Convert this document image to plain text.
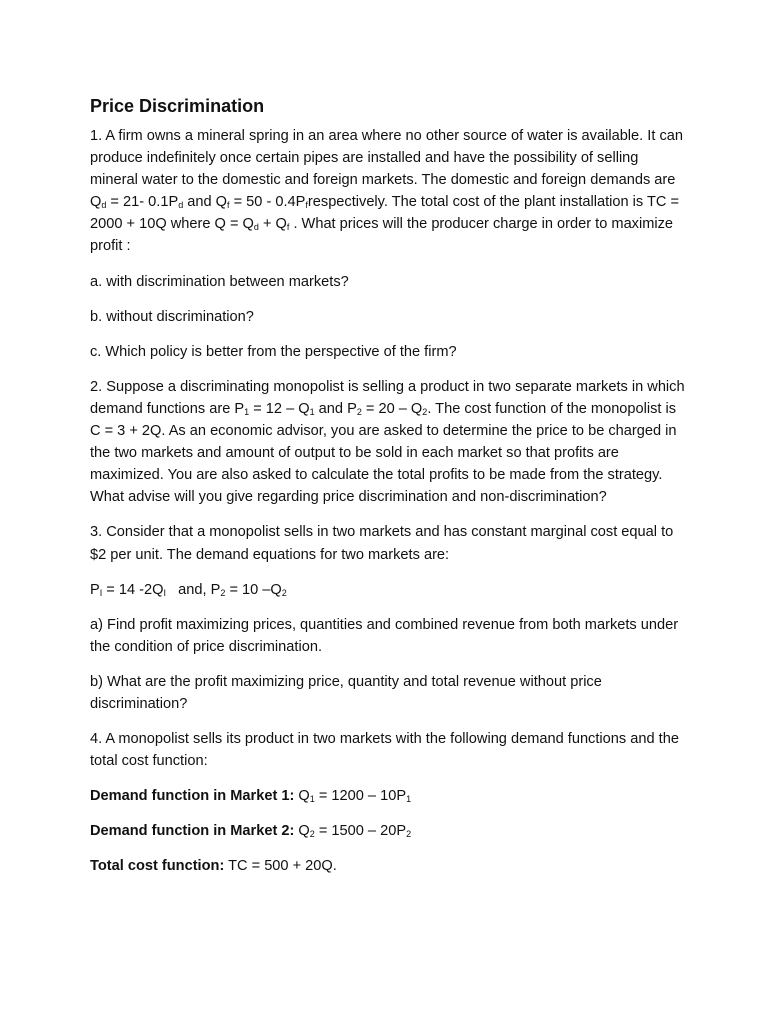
Price Discrimination

1. A firm owns a mineral spring in an area where no other source of water is available. It can produce indefinitely once certain pipes are installed and have the possibility of selling mineral water to the domestic and foreign markets. The domestic and foreign demands are $Q_d = 21-$ $0.1P_d$ and $Q_f = 50$ - $0.4P_frespectively$. The total cost of the plant installation is TC = 2000 + 10Q where $Q = Q_d + Q_f$ . What prices will the producer charge in order to maximize profit :

a. with discrimination between markets?

b. without discrimination?

c. Which policy is better from the perspective of the firm?

2. Suppose a discriminating monopolist is selling a product in two separate markets in which demand functions are $P_1 = 12 - Q_1$ and $P_2 = 20 - Q_2$. The cost function of the monopolist is C = 3 + 2Q. As an economic advisor, you are asked to determine the price to be charged in the two markets and amount of output to be sold in each market so that profits are maximized. You are also asked to calculate the total profits to be made from the strategy. What advise will you give regarding price discrimination and non-discrimination?

3. Consider that a monopolist sells in two markets and has constant marginal cost equal to $2 per unit. The demand equations for two markets are:

$P_I = 14$ $-2Q_I$   and, $P_2 = 10$ $-Q_2$

a) Find profit maximizing prices, quantities and combined revenue from both markets under the condition of price discrimination.

b) What are the profit maximizing price, quantity and total revenue without price discrimination?

4. A monopolist sells its product in two markets with the following demand functions and the total cost function:

Demand function in Market 1: $Q_1 = 1200 - 10P_1$

Demand function in Market 2: $Q_2 = 1500 - 20P_2$

Total cost function: TC = 500 + 20Q.
